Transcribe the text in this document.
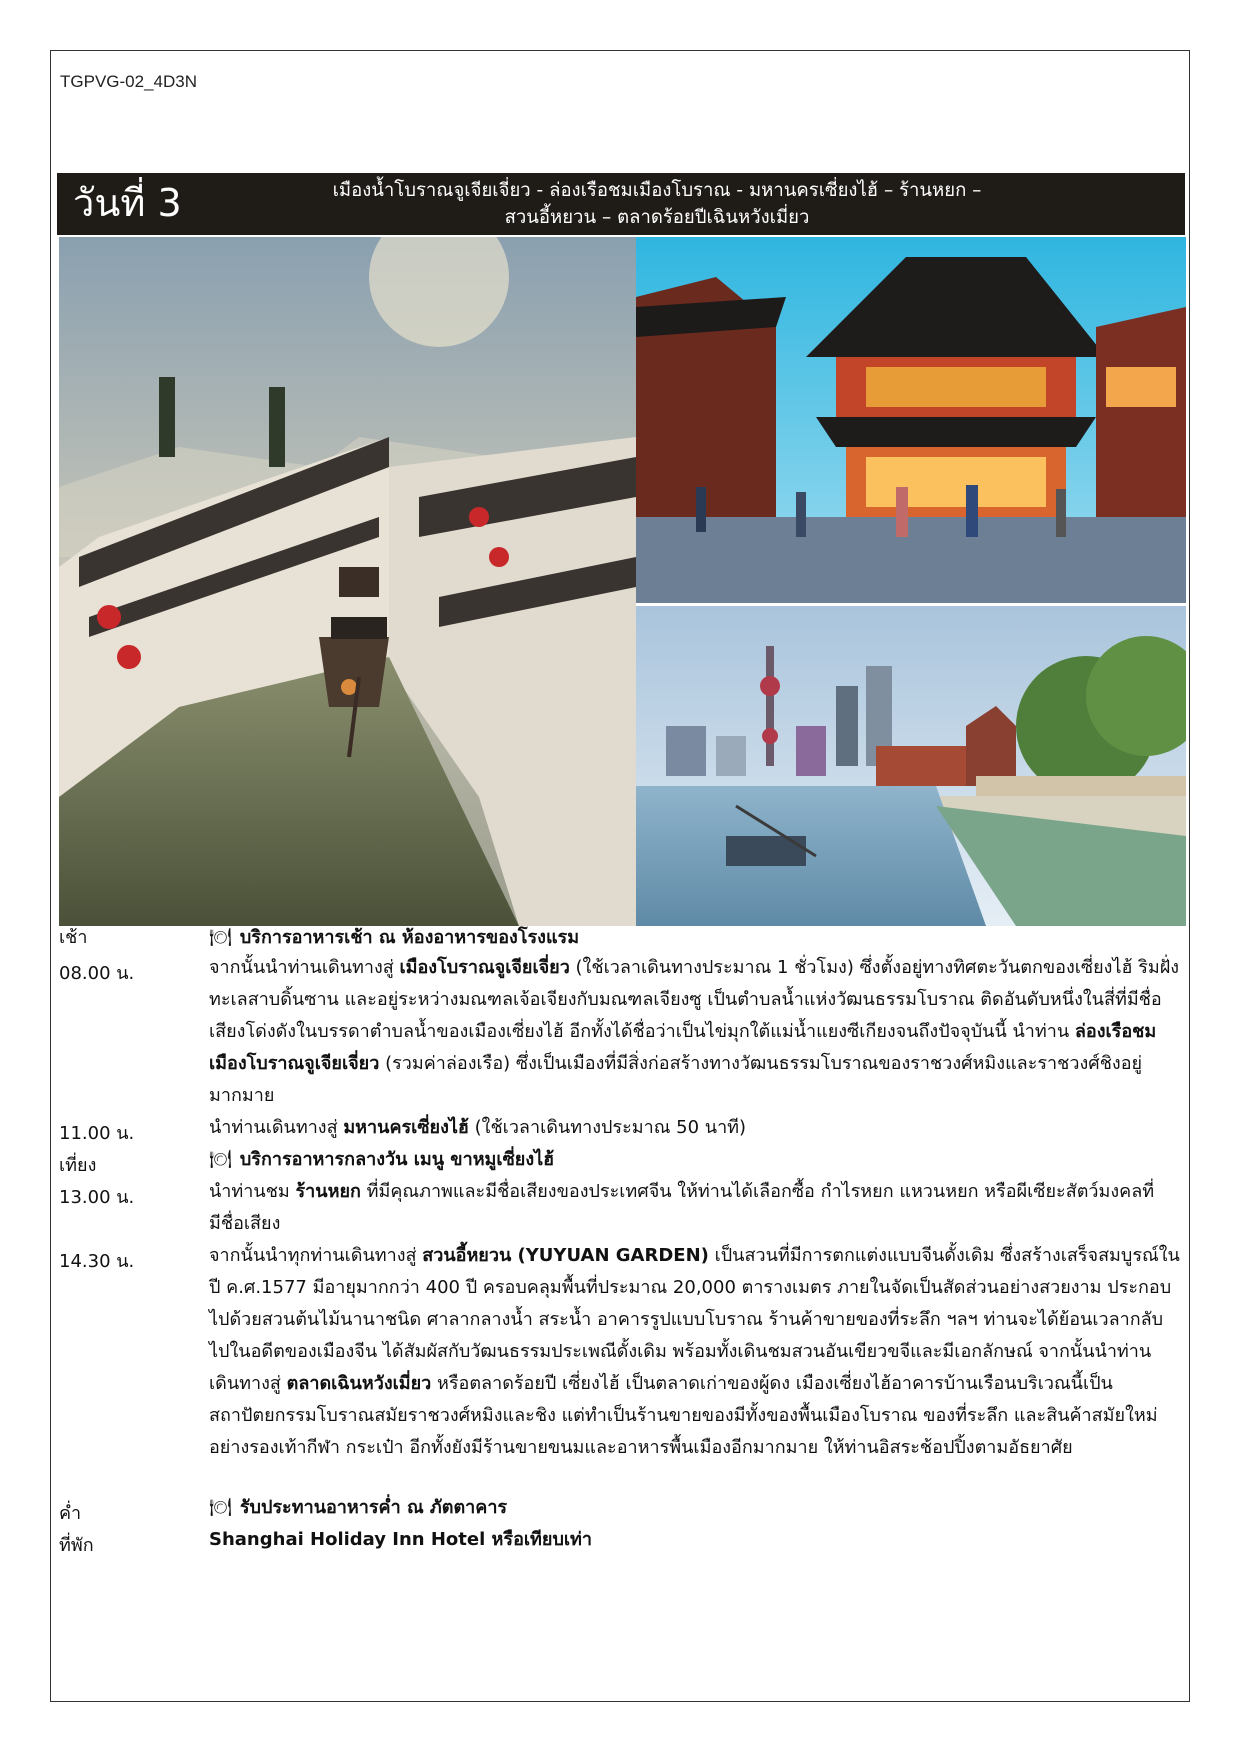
TGPVG-02_4D3N
วันที่ 3	เมืองน้ำโบราณจูเจียเจี่ยว - ล่องเรือชมเมืองโบราณ - มหานครเซี่ยงไฮ้ – ร้านหยก –
สวนอี้หยวน – ตลาดร้อยปีเฉินหวังเมี่ยว
เช้า	🍽 บริการอาหารเช้า ณ ห้องอาหารของโรงแรม
08.00 น.	จากนั้นนำท่านเดินทางสู่ เมืองโบราณจูเจียเจี่ยว (ใช้เวลาเดินทางประมาณ 1 ชั่วโมง) ซึ่งตั้งอยู่ทางทิศตะวันตกของเซี่ยงไฮ้ ริมฝั่งทะเลสาบดิ้นซาน และอยู่ระหว่างมณฑลเจ้อเจียงกับมณฑลเจียงซู เป็นตำบลน้ำแห่งวัฒนธรรมโบราณ ติดอันดับหนึ่งในสี่ที่มีชื่อเสียงโด่งดังในบรรดาตำบลน้ำของเมืองเซี่ยงไฮ้ อีกทั้งได้ชื่อว่าเป็นไข่มุกใต้แม่น้ำแยงซีเกียงจนถึงปัจจุบันนี้ นำท่าน ล่องเรือชมเมืองโบราณจูเจียเจี่ยว (รวมค่าล่องเรือ) ซึ่งเป็นเมืองที่มีสิ่งก่อสร้างทางวัฒนธรรมโบราณของราชวงศ์หมิงและราชวงศ์ชิงอยู่มากมาย
11.00 น.	นำท่านเดินทางสู่ มหานครเซี่ยงไฮ้ (ใช้เวลาเดินทางประมาณ 50 นาที)
เที่ยง	🍽 บริการอาหารกลางวัน เมนู ขาหมูเซี่ยงไฮ้
13.00 น.	นำท่านชม ร้านหยก ที่มีคุณภาพและมีชื่อเสียงของประเทศจีน ให้ท่านได้เลือกซื้อ กำไรหยก แหวนหยก หรือผีเซียะสัตว์มงคลที่มีชื่อเสียง
14.30 น.	จากนั้นนำทุกท่านเดินทางสู่ สวนอี้หยวน (YUYUAN GARDEN) เป็นสวนที่มีการตกแต่งแบบจีนดั้งเดิม ซึ่งสร้างเสร็จสมบูรณ์ในปี ค.ศ.1577 มีอายุมากกว่า 400 ปี ครอบคลุมพื้นที่ประมาณ 20,000 ตารางเมตร ภายในจัดเป็นสัดส่วนอย่างสวยงาม ประกอบไปด้วยสวนต้นไม้นานาชนิด ศาลากลางน้ำ สระน้ำ อาคารรูปแบบโบราณ ร้านค้าขายของที่ระลึก ฯลฯ ท่านจะได้ย้อนเวลากลับไปในอดีตของเมืองจีน ได้สัมผัสกับวัฒนธรรมประเพณีดั้งเดิม พร้อมทั้งเดินชมสวนอันเขียวขจีและมีเอกลักษณ์ จากนั้นนำท่านเดินทางสู่ ตลาดเฉินหวังเมี่ยว หรือตลาดร้อยปี เซี่ยงไฮ้ เป็นตลาดเก่าของผู้ดง เมืองเซี่ยงไฮ้อาคารบ้านเรือนบริเวณนี้เป็นสถาปัตยกรรมโบราณสมัยราชวงศ์หมิงและชิง แต่ทำเป็นร้านขายของมีทั้งของพื้นเมืองโบราณ ของที่ระลึก และสินค้าสมัยใหม่อย่างรองเท้ากีฬา กระเป๋า อีกทั้งยังมีร้านขายขนมและอาหารพื้นเมืองอีกมากมาย ให้ท่านอิสระช้อปปิ้งตามอัธยาศัย
ค่ำ	🍽 รับประทานอาหารค่ำ ณ ภัตตาคาร
ที่พัก	Shanghai Holiday Inn Hotel หรือเทียบเท่า
